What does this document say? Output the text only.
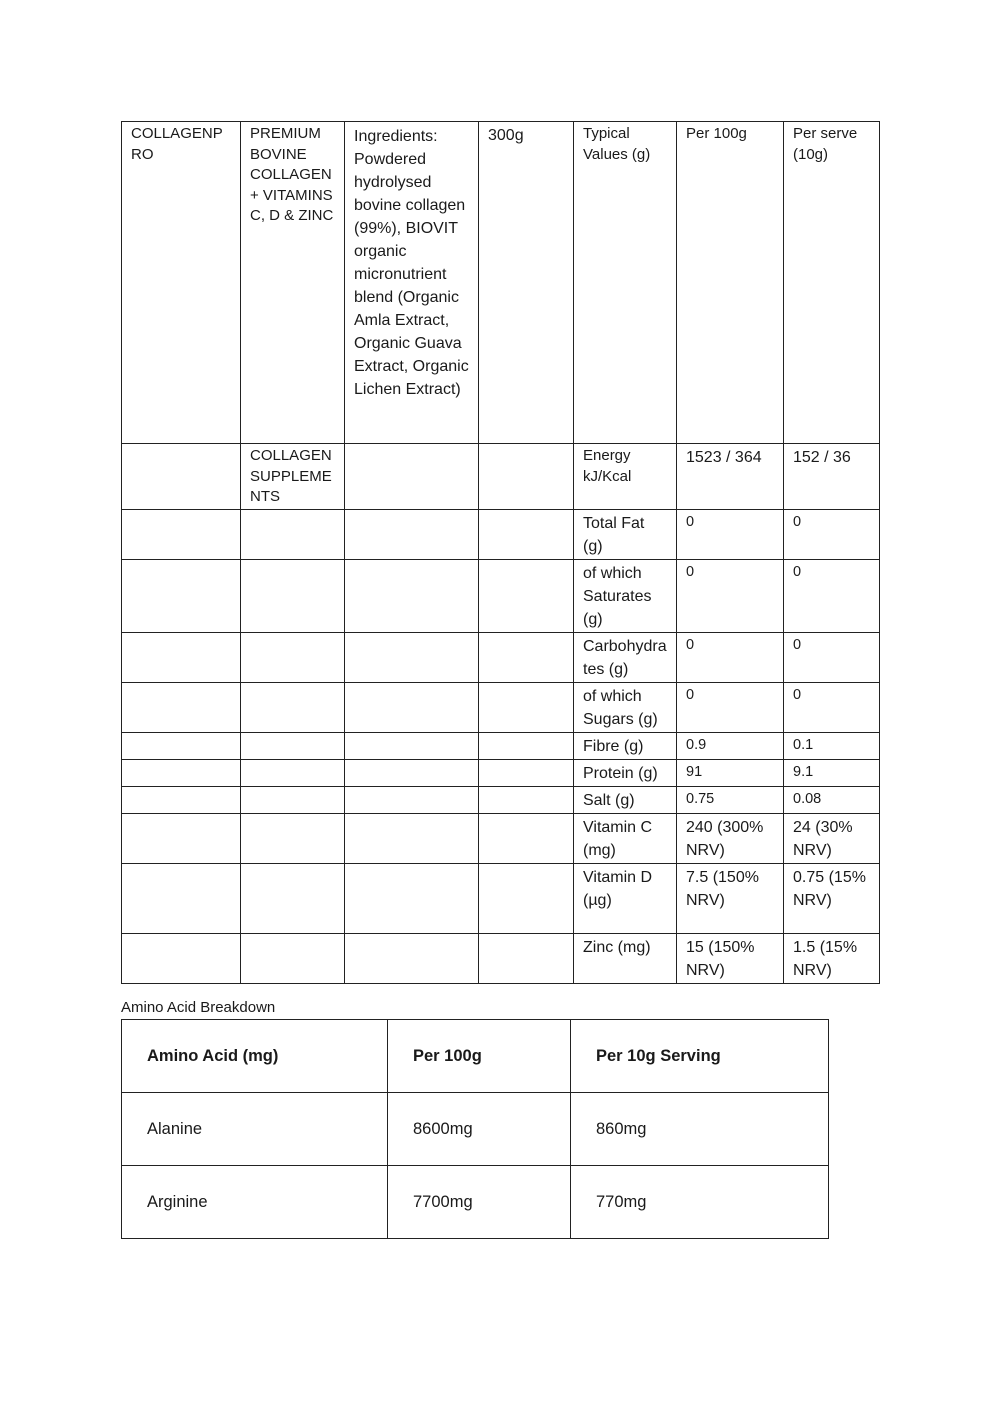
COLLAGENPRO	PREMIUM BOVINE COLLAGEN + VITAMINS C, D & ZINC	Ingredients: Powdered hydrolysed bovine collagen (99%), BIOVIT organic micronutrient blend (Organic Amla Extract, Organic Guava Extract, Organic Lichen Extract)	300g	Typical Values (g)	Per 100g	Per serve (10g)
	COLLAGEN SUPPLEMENTS			Energy kJ/Kcal	1523 / 364	152 / 36
				Total Fat (g)	0	0
				of which Saturates (g)	0	0
				Carbohydrates (g)	0	0
				of which Sugars (g)	0	0
				Fibre (g)	0.9	0.1
				Protein (g)	91	9.1
				Salt (g)	0.75	0.08
				Vitamin C (mg)	240 (300% NRV)	24 (30% NRV)
				Vitamin D (µg)	7.5 (150% NRV)	0.75 (15% NRV)
				Zinc (mg)	15 (150% NRV)	1.5 (15% NRV)
Amino Acid Breakdown
Amino Acid (mg)	Per 100g	Per 10g Serving
Alanine	8600mg	860mg
Arginine	7700mg	770mg
